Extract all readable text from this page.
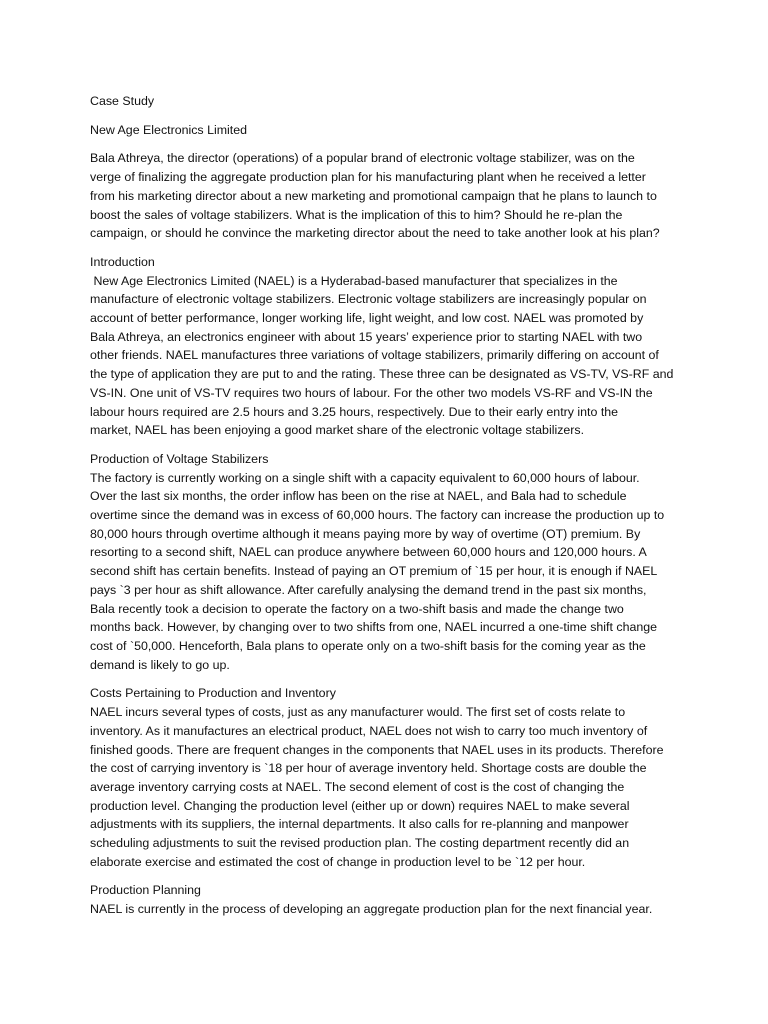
Case Study

New Age Electronics Limited

Bala Athreya, the director (operations) of a popular brand of electronic voltage stabilizer, was on the
verge of finalizing the aggregate production plan for his manufacturing plant when he received a letter
from his marketing director about a new marketing and promotional campaign that he plans to launch to
boost the sales of voltage stabilizers. What is the implication of this to him? Should he re-plan the
campaign, or should he convince the marketing director about the need to take another look at his plan?

Introduction

New Age Electronics Limited (NAEL) is a Hyderabad-based manufacturer that specializes in the
manufacture of electronic voltage stabilizers. Electronic voltage stabilizers are increasingly popular on
account of better performance, longer working life, light weight, and low cost. NAEL was promoted by
Bala Athreya, an electronics engineer with about 15 years’ experience prior to starting NAEL with two
other friends. NAEL manufactures three variations of voltage stabilizers, primarily differing on account of
the type of application they are put to and the rating. These three can be designated as VS-TV, VS-RF and
VS-IN. One unit of VS-TV requires two hours of labour. For the other two models VS-RF and VS-IN the
labour hours required are 2.5 hours and 3.25 hours, respectively. Due to their early entry into the
market, NAEL has been enjoying a good market share of the electronic voltage stabilizers.

Production of Voltage Stabilizers

The factory is currently working on a single shift with a capacity equivalent to 60,000 hours of labour.
Over the last six months, the order inflow has been on the rise at NAEL, and Bala had to schedule
overtime since the demand was in excess of 60,000 hours. The factory can increase the production up to
80,000 hours through overtime although it means paying more by way of overtime (OT) premium. By
resorting to a second shift, NAEL can produce anywhere between 60,000 hours and 120,000 hours. A
second shift has certain benefits. Instead of paying an OT premium of `15 per hour, it is enough if NAEL
pays `3 per hour as shift allowance. After carefully analysing the demand trend in the past six months,
Bala recently took a decision to operate the factory on a two-shift basis and made the change two
months back. However, by changing over to two shifts from one, NAEL incurred a one-time shift change
cost of `50,000. Henceforth, Bala plans to operate only on a two-shift basis for the coming year as the
demand is likely to go up.

Costs Pertaining to Production and Inventory

NAEL incurs several types of costs, just as any manufacturer would. The first set of costs relate to
inventory. As it manufactures an electrical product, NAEL does not wish to carry too much inventory of
finished goods. There are frequent changes in the components that NAEL uses in its products. Therefore
the cost of carrying inventory is `18 per hour of average inventory held. Shortage costs are double the
average inventory carrying costs at NAEL. The second element of cost is the cost of changing the
production level. Changing the production level (either up or down) requires NAEL to make several
adjustments with its suppliers, the internal departments. It also calls for re-planning and manpower
scheduling adjustments to suit the revised production plan. The costing department recently did an
elaborate exercise and estimated the cost of change in production level to be `12 per hour.

Production Planning

NAEL is currently in the process of developing an aggregate production plan for the next financial year.
